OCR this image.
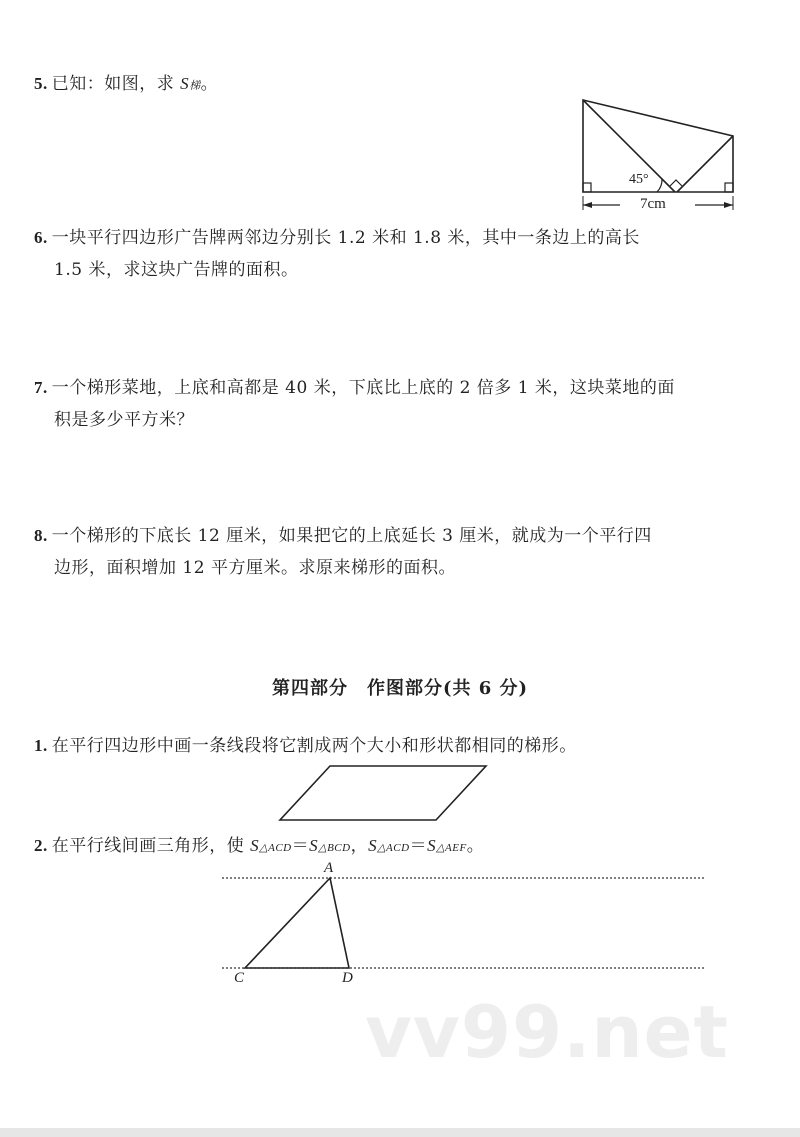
5. 已知：如图，求 S梯。
45°
7cm
6. 一块平行四边形广告牌两邻边分别长 1.2 米和 1.8 米，其中一条边上的高长
1.5 米，求这块广告牌的面积。
7. 一个梯形菜地，上底和高都是 40 米，下底比上底的 2 倍多 1 米，这块菜地的面
积是多少平方米？
8. 一个梯形的下底长 12 厘米，如果把它的上底延长 3 厘米，就成为一个平行四
边形，面积增加 12 平方厘米。求原来梯形的面积。
第四部分　作图部分(共 6 分)
1. 在平行四边形中画一条线段将它割成两个大小和形状都相同的梯形。
2. 在平行线间画三角形，使 S△ACD＝S△BCD，S△ACD＝S△AEF。
A
C	D
vv99.net
